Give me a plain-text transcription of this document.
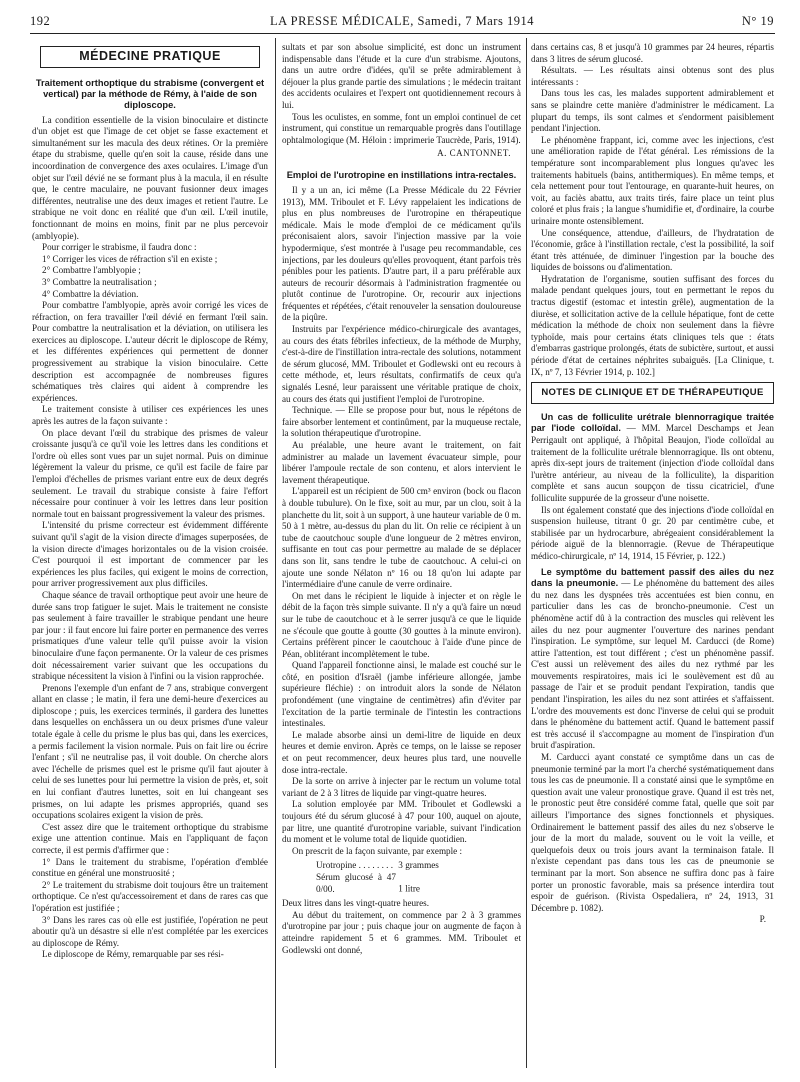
192	LA PRESSE MÉDICALE, Samedi, 7 Mars 1914	N° 19
MÉDECINE PRATIQUE
Traitement orthoptique du strabisme (convergent et vertical) par la méthode de Rémy, à l'aide de son diploscope.

La condition essentielle de la vision binoculaire et distincte d'un objet est que l'image de cet objet se fasse exactement et simultanément sur les macula des deux rétines. Or la première étape du strabisme, quelle qu'en soit la cause, réside dans une incoordination de convergence des axes oculaires. L'image d'un objet sur l'œil dévié ne se formant plus à la macula, il en résulte que, le centre maculaire, ne pouvant fusionner deux images différentes, neutralise une des deux images et retient l'autre. Le strabique ne voit donc en réalité que d'un œil. L'œil inutile, fonctionnant de moins en moins, finit par ne plus percevoir (amblyopie).

Pour corriger le strabisme, il faudra donc :

1° Corriger les vices de réfraction s'il en existe ;

2° Combattre l'amblyopie ;

3° Combattre la neutralisation ;

4° Combattre la déviation.

Pour combattre l'amblyopie, après avoir corrigé les vices de réfraction, on fera travailler l'œil dévié en fermant l'œil sain. Pour combattre la neutralisation et la déviation, on utilisera les exercices au diploscope. L'auteur décrit le diploscope de Rémy, et les différentes expériences qui permettent de donner progressivement au strabique la vision binoculaire. Cette description est accompagnée de nombreuses figures schématiques très claires qui aident à comprendre les expériences.

Le traitement consiste à utiliser ces expériences les unes après les autres de la façon suivante :

On place devant l'œil du strabique des prismes de valeur croissante jusqu'à ce qu'il voie les lettres dans les conditions et l'ordre où elles sont vues par un sujet normal. Puis on diminue légèrement la valeur du prisme, ce qu'il est facile de faire par l'emploi d'échelles de prismes variant entre eux de deux degrés seulement. Le travail du strabique consiste à faire l'effort nécessaire pour continuer à voir les lettres dans leur position normale tout en baissant progressivement la valeur des prismes.

L'intensité du prisme correcteur est évidemment différente suivant qu'il s'agit de la vision directe d'images superposées, de la vision directe d'images horizontales ou de la vision croisée. C'est pourquoi il est important de commencer par les expériences les plus faciles, qui exigent le moins de correction, pour arriver progressivement aux plus difficiles.

Chaque séance de travail orthoptique peut avoir une heure de durée sans trop fatiguer le sujet. Mais le traitement ne consiste pas seulement à faire travailler le strabique pendant une heure par jour : il faut encore lui faire porter en permanence des verres prismatiques d'une valeur telle qu'il puisse avoir la vision binoculaire d'une façon permanente. Or la valeur de ces prismes doit nécessairement varier suivant que les occupations du strabique nécessitent la vision à l'infini ou la vision rapprochée.

Prenons l'exemple d'un enfant de 7 ans, strabique convergent allant en classe ; le matin, il fera une demi-heure d'exercices au diploscope ; puis, les exercices terminés, il gardera des lunettes dans lesquelles on enchâssera un ou deux prismes d'une valeur totale égale à celle du prisme le plus bas qui, dans les exercices, a permis facilement la vision normale. Puis on fait lire ou écrire l'enfant ; s'il ne neutralise pas, il voit double. On cherche alors avec l'échelle de prismes quel est le prisme qu'il faut ajouter à celui de ses lunettes pour lui permettre la vision de près, et, soit en lui confiant d'autres lunettes, soit en lui changeant ses prismes, on lui adapte les prismes appropriés, quand ses occupations scolaires exigent la vision de près.

C'est assez dire que le traitement orthoptique du strabisme exige une attention continue. Mais en l'appliquant de façon correcte, il est permis d'affirmer que :

1° Dans le traitement du strabisme, l'opération d'emblée constitue en général une monstruosité ;

2° Le traitement du strabisme doit toujours être un traitement orthoptique. Ce n'est qu'accessoirement et dans de rares cas que l'opération est justifiée ;

3° Dans les rares cas où elle est justifiée, l'opération ne peut aboutir qu'à un désastre si elle n'est complétée par les exercices au diploscope de Rémy.

Le diploscope de Rémy, remarquable par ses rési-

sultats et par son absolue simplicité, est donc un instrument indispensable dans l'étude et la cure d'un strabisme. Ajoutons, dans un autre ordre d'idées, qu'il se prête admirablement à déjouer la plus grande partie des simulations ; le médecin traitant des accidents oculaires et l'expert ont quotidiennement recours à lui.

Tous les oculistes, en somme, font un emploi continuel de cet instrument, qui constitue un remarquable progrès dans l'outillage ophtalmologique (M. Héloin : imprimerie Taucrède, Paris, 1914).

A. CANTONNET.
Emploi de l'urotropine en instillations intra-rectales.

Il y a un an, ici même (La Presse Médicale du 22 Février 1913), MM. Triboulet et F. Lévy rappelaient les indications de plus en plus nombreuses de l'urotropine en thérapeutique médicale. Mais le mode d'emploi de ce médicament qu'ils préconisaient alors, savoir l'injection massive par la voie hypodermique, s'est montrée à l'usage peu recommandable, ces injections, par les douleurs qu'elles provoquent, étant parfois très pénibles pour les patients. D'autre part, il a paru préférable aux auteurs de recourir désormais à l'administration fragmentée ou plutôt continue de l'urotropine. Or, recourir aux injections fréquentes et répétées, c'était renouveler la sensation douloureuse de la piqûre.

Instruits par l'expérience médico-chirurgicale des avantages, au cours des états fébriles infectieux, de la méthode de Murphy, c'est-à-dire de l'instillation intra-rectale des solutions, notamment de sérum glucosé, MM. Triboulet et Godlewski ont eu recours à cette méthode, et, leurs résultats, confirmatifs de ceux qu'a signalés Lesné, leur paraissent une véritable pratique de choix, au cours des états qui justifient l'emploi de l'urotropine.

Technique. — Elle se propose pour but, nous le répétons de faire absorber lentement et continûment, par la muqueuse rectale, la solution thérapeutique d'urotropine.

Au préalable, une heure avant le traitement, on fait administrer au malade un lavement évacuateur simple, pour libérer l'ampoule rectale de son contenu, et alors intervient le lavement thérapeutique.

L'appareil est un récipient de 500 cm³ environ (bock ou flacon à double tubulure). On le fixe, soit au mur, par un clou, soit à la planchette du lit, soit à un support, à une hauteur variable de 0 m. 50 à 1 mètre, au-dessus du plan du lit. On relie ce récipient à un tube de caoutchouc souple d'une longueur de 2 mètres environ, suffisante en tout cas pour permettre au malade de se déplacer dans son lit, sans tendre le tube de caoutchouc. A celui-ci on ajoute une sonde Nélaton nº 16 ou 18 qu'on lui adapte par l'intermédiaire d'une canule de verre ordinaire.

On met dans le récipient le liquide à injecter et on règle le débit de la façon très simple suivante. Il n'y a qu'à faire un nœud sur le tube de caoutchouc et à le serrer jusqu'à ce que le liquide ne s'écoule que goutte à goutte (30 gouttes à la minute environ). Certains préfèrent pincer le caoutchouc à l'aide d'une pince de Péan, oblitérant incomplètement le tube.

Quand l'appareil fonctionne ainsi, le malade est couché sur le côté, en position d'Israël (jambe inférieure allongée, jambe supérieure fléchie) : on introduit alors la sonde de Nélaton profondément (une vingtaine de centimètres) afin d'éviter par l'excitation de la partie terminale de l'intestin les contractions intestinales.

Le malade absorbe ainsi un demi-litre de liquide en deux heures et demie environ. Après ce temps, on le laisse se reposer et on peut recommencer, deux heures plus tard, une nouvelle dose intra-rectale.

De la sorte on arrive à injecter par le rectum un volume total variant de 2 à 3 litres de liquide par vingt-quatre heures.

La solution employée par MM. Triboulet et Godlewski a toujours été du sérum glucosé à 47 pour 100, auquel on ajoute, par litre, une quantité d'urotropine variable, suivant l'indication du moment et le volume total de liquide quotidien.

On prescrit de la façon suivante, par exemple :

Urotropine . . . . . . . . 3 grammes
Sérum glucosé à 47 0/00.	1 litre

Deux litres dans les vingt-quatre heures.

Au début du traitement, on commence par 2 à 3 grammes d'urotropine par jour ; puis chaque jour on augmente de façon à atteindre rapidement 5 et 6 grammes. MM. Triboulet et Godlewski ont donné,

dans certains cas, 8 et jusqu'à 10 grammes par 24 heures, répartis dans 3 litres de sérum glucosé.

Résultats. — Les résultats ainsi obtenus sont des plus intéressants :

Dans tous les cas, les malades supportent admirablement et sans se plaindre cette manière d'administrer le médicament. La plupart du temps, ils sont calmes et s'endorment paisiblement pendant l'injection.

Le phénomène frappant, ici, comme avec les injections, c'est une amélioration rapide de l'état général. Les rémissions de la température sont incomparablement plus longues qu'avec les traitements habituels (bains, antithermiques). En même temps, et cela nettement pour tout l'entourage, en quarante-huit heures, on voit, au faciès abattu, aux traits tirés, faire place un teint plus coloré et plus frais ; la langue s'humidifie et, d'ordinaire, la courbe urinaire monte ostensiblement.

Une conséquence, attendue, d'ailleurs, de l'hydratation de l'économie, grâce à l'instillation rectale, c'est la possibilité, la soif étant très atténuée, de diminuer l'ingestion par la bouche des liquides de boissons ou d'alimentation.

Hydratation de l'organisme, soutien suffisant des forces du malade pendant quelques jours, tout en permettant le repos du tractus digestif (estomac et intestin grêle), augmentation de la diurèse, et sollicitation active de la cellule hépatique, font de cette médication la méthode de choix non seulement dans la fièvre typhoïde, mais pour certains états cliniques tels que : états d'embarras gastrique prolongés, états de subictère, surtout, et aussi période d'état de certaines néphrites subaiguës. [La Clinique, t. IX, nº 7, 13 Février 1914, p. 102.]

NOTES DE CLINIQUE ET DE THÉRAPEUTIQUE

Un cas de folliculite urétrale blennorragique traitée par l'iode colloïdal. — MM. Marcel Deschamps et Jean Perrigault ont appliqué, à l'hôpital Beaujon, l'iode colloïdal au traitement de la folliculite urétrale blennorragique. Ils ont obtenu, après dix-sept jours de traitement (injection d'iode colloïdal dans l'urètre antérieur, au niveau de la folliculite), la disparition complète et sans aucun soupçon de tissu cicatriciel, d'une folliculite suppurée de la grosseur d'une noisette.

Ils ont également constaté que des injections d'iode colloïdal en suspension huileuse, titrant 0 gr. 20 par centimètre cube, et stabilisée par un hydrocarbure, abrégeaient considérablement la période aiguë de la blennorragie. (Revue de Thérapeutique médico-chirurgicale, nº 14, 1914, 15 Février, p. 122.)

Le symptôme du battement passif des ailes du nez dans la pneumonie. — Le phénomène du battement des ailes du nez dans les dyspnées très accentuées est bien connu, en particulier dans les cas de broncho-pneumonie. C'est un phénomène actif dû à la contraction des muscles qui relèvent les ailes du nez pour augmenter l'ouverture des narines pendant l'inspiration. Le symptôme, sur lequel M. Carducci (de Rome) attire l'attention, est tout différent ; c'est un phénomène passif. C'est aussi un relèvement des ailes du nez rythmé par les mouvements respiratoires, mais ici le soulèvement est dû au passage de l'air et se produit pendant l'expiration, tandis que pendant l'inspiration, les ailes du nez sont attirées et s'affaissent. L'ordre des mouvements est donc l'inverse de celui qui se produit dans le phénomène du battement actif. Quand le battement passif est très accusé il s'accompagne au moment de l'inspiration d'un bruit d'aspiration.

M. Carducci ayant constaté ce symptôme dans un cas de pneumonie terminé par la mort l'a cherché systématiquement dans tous les cas de pneumonie. Il a constaté ainsi que le symptôme en question avait une valeur pronostique grave. Quand il est très net, le pronostic peut être considéré comme fatal, quelle que soit par ailleurs l'importance des signes fonctionnels et physiques. Ordinairement le battement passif des ailes du nez s'observe le jour de la mort du malade, souvent ou le voit la veille, et quelquefois deux ou trois jours avant la terminaison fatale. Il n'existe cependant pas dans tous les cas de pneumonie se terminant par la mort. Son absence ne suffira donc pas à faire porter un pronostic favorable, mais sa présence interdira tout espoir de guérison. (Rivista Ospedaliera, nº 24, 1913, 31 Décembre p. 1082).

P.
